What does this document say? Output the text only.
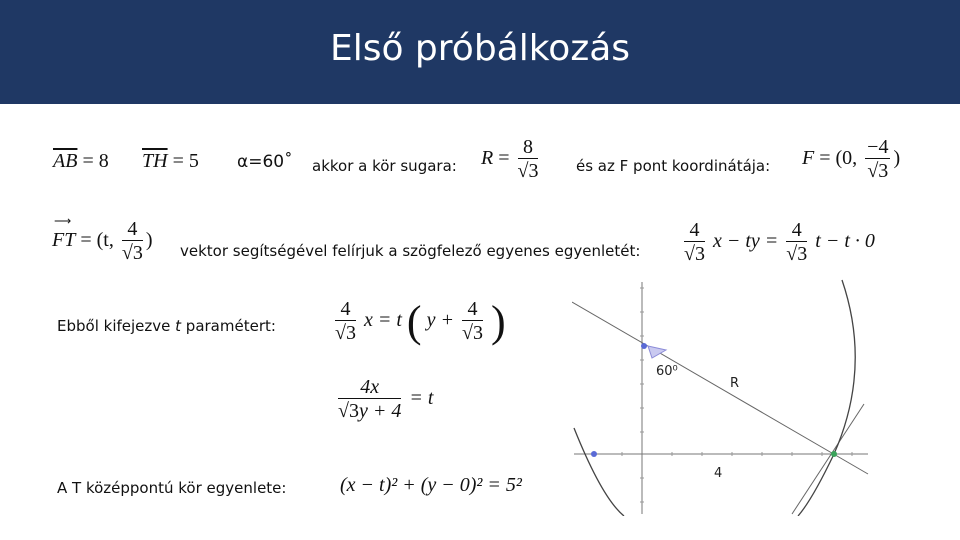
Első próbálkozás
$\overline{AB} = 8$ $\overline{TH} = 5$ α=60˚ akkor a kör sugara: $R = \frac{8}{√3}$	és az F pont koordinátája: F = (0, $\frac{-4}{√3}$ )
⟶
FT = (t, $\frac{4}{√3}$ ) vektor segítségével felírjuk a szögfelező egyenes egyenletét: $\frac{4}{√3}$ x − ty = $\frac{4}{√3}$ t − t · 0
Ebből kifejezve t paramétert:	$\frac{4}{√3}$ x = t ( $y + \frac{4}{√3}$ )
$\frac{4x}{√3y + 4} = t$
A T középpontú kör egyenlete:	(x − t)² + (y − 0)² = 5²
60⁰
R
4
